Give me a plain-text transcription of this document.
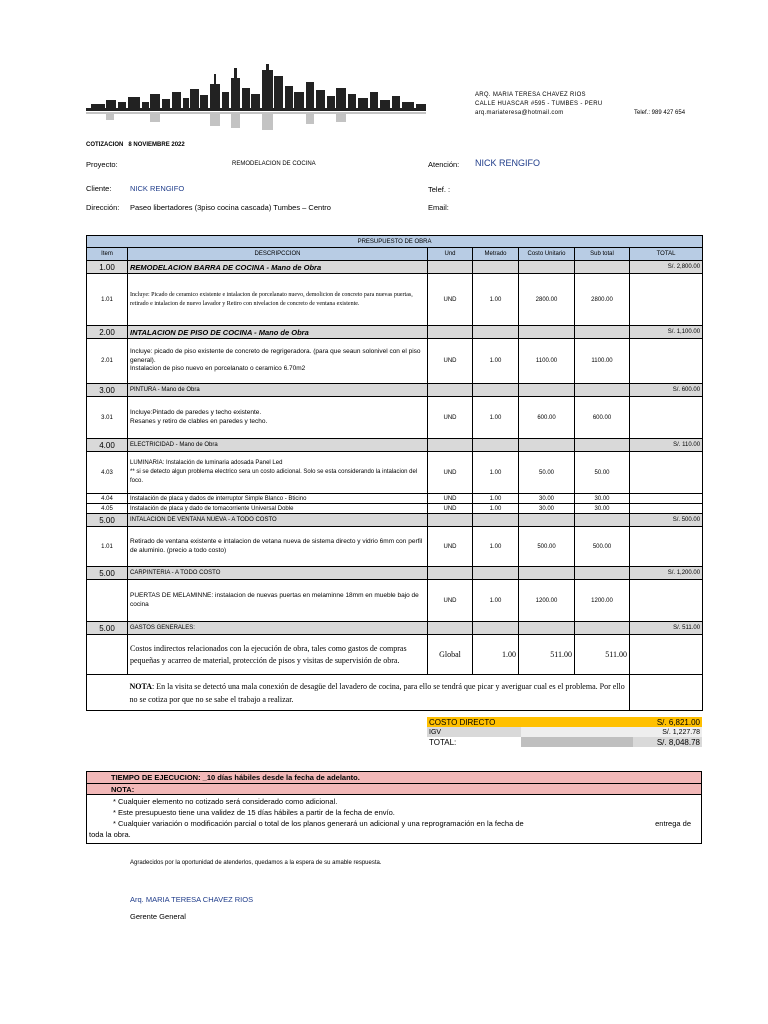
ARQ. MARIA TERESA CHAVEZ RIOS
CALLE HUASCAR #595 - TUMBES - PERU
arq.mariateresa@hotmail.com	Telef.: 989 427 654
COTIZACION 8 NOVIEMBRE 2022
Proyecto:	REMODELACION DE COCINA	Atención: NICK RENGIFO
Cliente: NICK RENGIFO	Telef. :
Dirección: Paseo libertadores (3piso cocina cascada) Tumbes – Centro	Email:
PRESUPUESTO DE OBRA						
Item	DESCRIPCCION	Und	Metrado	Costo Unitario	Sub total	TOTAL
1.00	REMODELACION BARRA DE COCINA - Mano de Obra					S/. 2,800.00
1.01	Incluye: Picado de ceramico existente e intalacion de porcelanato nuevo, demolicion de concreto para nuevas puertas, retirado e intalacion de nuevo lavador y Retiro con nivelacion de concreto de ventana existente.	UND	1.00	2800.00	2800.00	
2.00	INTALACION DE PISO DE COCINA - Mano de Obra					S/. 1,100.00
2.01	Incluye: picado de piso existente de concreto de regrigeradora. (para que seaun solonivel con el piso general).
Instalacion de piso nuevo en porcelanato o ceramico 6.70m2	UND	1.00	1100.00	1100.00	
3.00	PINTURA - Mano de Obra					S/. 600.00
3.01	Incluye:Pintado de paredes y techo existente.
Resanes y retiro de clables en paredes y techo.	UND	1.00	600.00	600.00	
4.00	ELECTRICIDAD - Mano de Obra					S/. 110.00
4.03	LUMINARIA: Instalación de luminaria adosada Panel Led
** si se detecto algun problema electrico sera un costo adicional. Solo se esta considerando la intalacion del foco.	UND	1.00	50.00	50.00	
4.04	Instalación de placa y dados de interruptor Simple Blanco - Bticino	UND	1.00	30.00	30.00	
4.05	Instalación de placa y dado de tomacorriente Universal Doble	UND	1.00	30.00	30.00	
5.00	INTALACION DE VENTANA NUEVA - A TODO COSTO					S/. 500.00
1.01	Retirado de ventana existente e intalacion de vetana nueva de sistema directo y vidrio 6mm con perfil de aluminio. (precio a todo costo)	UND	1.00	500.00	500.00	
5.00	CARPINTERIA - A TODO COSTO					S/. 1,200.00
	PUERTAS DE MELAMINNE: instalacion de nuevas puertas en melaminne 18mm en mueble bajo de cocina	UND	1.00	1200.00	1200.00	
5.00	GASTOS GENERALES:					S/. 511.00
	Costos indirectos relacionados con la ejecución de obra, tales como gastos de compras pequeñas y acarreo de material, protección de pisos y visitas de supervisión de obra.	Global	1.00	511.00	511.00	
	NOTA: En la visita se detectó una mala conexión de desagüe del lavadero de cocina, para ello se tendrá que picar y averiguar cual es el problema. Por ello no se cotiza por que no se sabe el trabajo a realizar.					
COSTO DIRECTO		S/. 6,821.00
IGV		S/. 1,227.78
TOTAL:		S/. 8,048.78
TIEMPO DE EJECUCION: _10 días hábiles desde la fecha de adelanto.
NOTA:

* Cualquier elemento no cotizado será considerado como adicional.
* Este presupuesto tiene una validez de 15 días hábiles a partir de la fecha de envío.
* Cualquier variación o modificación parcial o total de los planos generará un adicional y una reprogramación en la fecha de	entrega de
toda la obra.
Agradecidos por la oportunidad de atenderlos, quedamos a la espera de su amable respuesta.
Arq. MARIA TERESA CHAVEZ RIOS
Gerente General
